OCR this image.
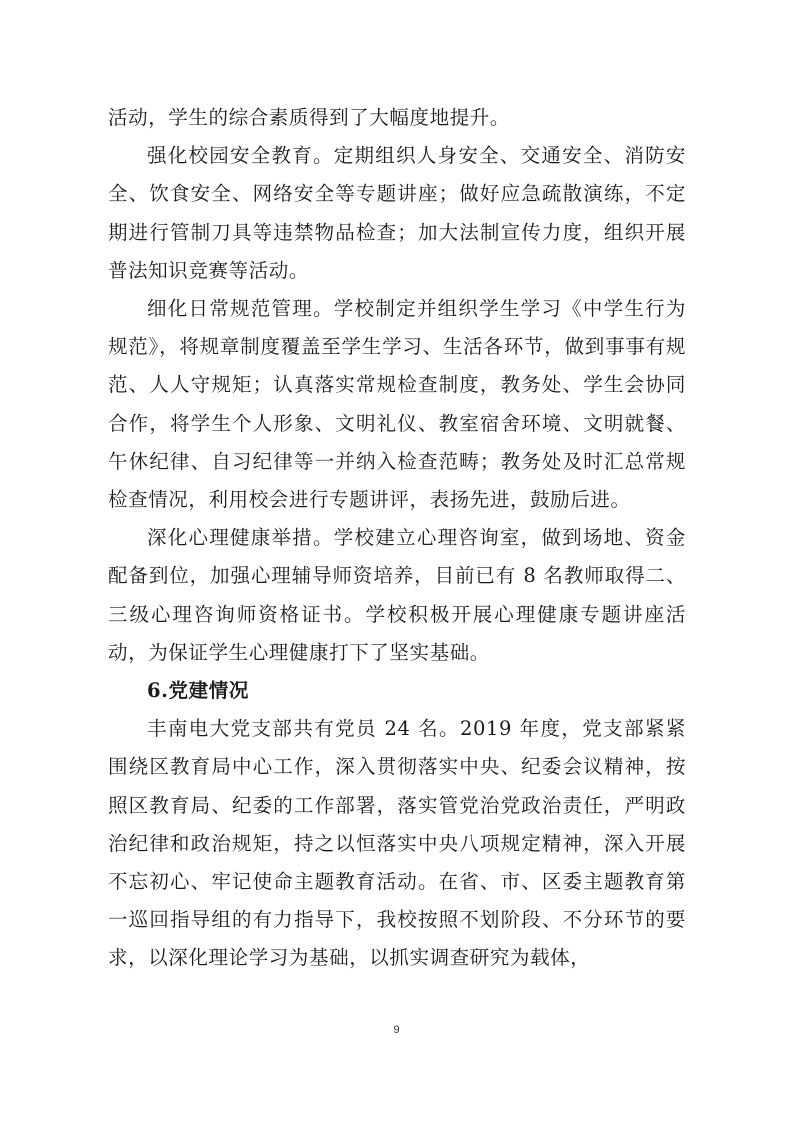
活动，学生的综合素质得到了大幅度地提升。

强化校园安全教育。定期组织人身安全、交通安全、消防安全、饮食安全、网络安全等专题讲座；做好应急疏散演练，不定期进行管制刀具等违禁物品检查；加大法制宣传力度，组织开展普法知识竞赛等活动。

细化日常规范管理。学校制定并组织学生学习《中学生行为规范》，将规章制度覆盖至学生学习、生活各环节，做到事事有规范、人人守规矩；认真落实常规检查制度，教务处、学生会协同合作，将学生个人形象、文明礼仪、教室宿舍环境、文明就餐、午休纪律、自习纪律等一并纳入检查范畴；教务处及时汇总常规检查情况，利用校会进行专题讲评，表扬先进，鼓励后进。

深化心理健康举措。学校建立心理咨询室，做到场地、资金配备到位，加强心理辅导师资培养，目前已有 8 名教师取得二、三级心理咨询师资格证书。学校积极开展心理健康专题讲座活动，为保证学生心理健康打下了坚实基础。

6.党建情况

丰南电大党支部共有党员 24 名。2019 年度，党支部紧紧围绕区教育局中心工作，深入贯彻落实中央、纪委会议精神，按照区教育局、纪委的工作部署，落实管党治党政治责任，严明政治纪律和政治规矩，持之以恒落实中央八项规定精神，深入开展不忘初心、牢记使命主题教育活动。在省、市、区委主题教育第一巡回指导组的有力指导下，我校按照不划阶段、不分环节的要求，以深化理论学习为基础，以抓实调查研究为载体，

9
